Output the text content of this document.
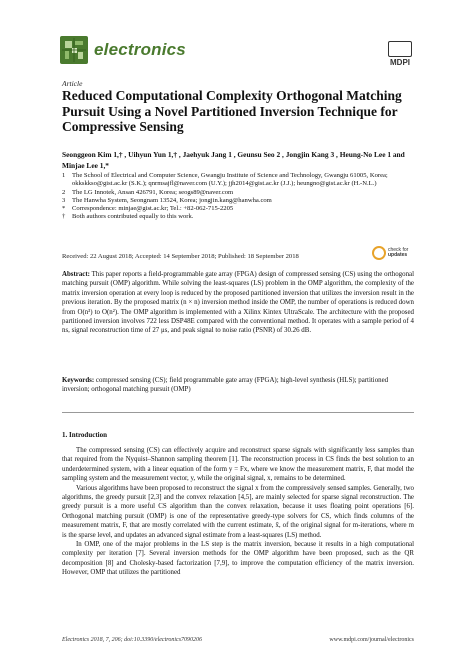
electronics
MDPI
Article
Reduced Computational Complexity Orthogonal Matching Pursuit Using a Novel Partitioned Inversion Technique for Compressive Sensing
Seonggeon Kim 1,† , Uihyun Yun 1,† , Jaehyuk Jang 1 , Geunsu Seo 2 , Jongjin Kang 3 , Heung-No Lee 1 and Minjae Lee 1,*
1	The School of Electrical and Computer Science, Gwangju Institute of Science and Technology, Gwangju 61005, Korea; okkskkso@gist.ac.kr (S.K.); qnrmsajfl@naver.com (U.Y.); jjh2014@gist.ac.kr (J.J.); heungno@gist.ac.kr (H.-N.L.)
2	The LG Innotek, Ansan 426791, Korea; seogs89@naver.com
3	The Hanwha System, Seongnam 13524, Korea; jongjin.kang@hanwha.com
*	Correspondence: minjae@gist.ac.kr; Tel.: +82-062-715-2205
†	Both authors contributed equally to this work.
Received: 22 August 2018; Accepted: 14 September 2018; Published: 18 September 2018
check for
updates
Abstract: This paper reports a field-programmable gate array (FPGA) design of compressed sensing (CS) using the orthogonal matching pursuit (OMP) algorithm. While solving the least-squares (LS) problem in the OMP algorithm, the complexity of the matrix inversion operation at every loop is reduced by the proposed partitioned inversion that utilizes the inversion result in the previous iteration. By the proposed matrix (n × n) inversion method inside the OMP, the number of operations is reduced down from O(n³) to O(n²). The OMP algorithm is implemented with a Xilinx Kintex UltraScale. The architecture with the proposed partitioned inversion involves 722 less DSP48E compared with the conventional method. It operates with a sample period of 4 ns, signal reconstruction time of 27 μs, and peak signal to noise ratio (PSNR) of 30.26 dB.
Keywords: compressed sensing (CS); field programmable gate array (FPGA); high-level synthesis (HLS); partitioned inversion; orthogonal matching pursuit (OMP)
1. Introduction

The compressed sensing (CS) can effectively acquire and reconstruct sparse signals with significantly less samples than that required from the Nyquist–Shannon sampling theorem [1]. The reconstruction process in CS finds the best solution to an underdetermined system, with a linear equation of the form y = Fx, where we know the measurement matrix, F, that model the sampling system and the measurement vector, y, while the original signal, x, remains to be determined.

Various algorithms have been proposed to reconstruct the signal x from the compressively sensed samples. Generally, two algorithms, the greedy pursuit [2,3] and the convex relaxation [4,5], are mainly selected for sparse signal reconstruction. The greedy pursuit is a more useful CS algorithm than the convex relaxation, because it uses floating point operations [6]. Orthogonal matching pursuit (OMP) is one of the representative greedy-type solvers for CS, which finds columns of the measurement matrix, F, that are mostly correlated with the current estimate, x̂, of the original signal for m-iterations, where m is the sparse level, and updates an advanced signal estimate from a least-squares (LS) method.

In OMP, one of the major problems in the LS step is the matrix inversion, because it results in a high computational complexity per iteration [7]. Several inversion methods for the OMP algorithm have been proposed, such as the QR decomposition [8] and Cholesky-based factorization [7,9], to improve the computation efficiency of the matrix inversion. However, OMP that utilizes the partitioned

Electronics 2018, 7, 206; doi:10.3390/electronics7090206	www.mdpi.com/journal/electronics
